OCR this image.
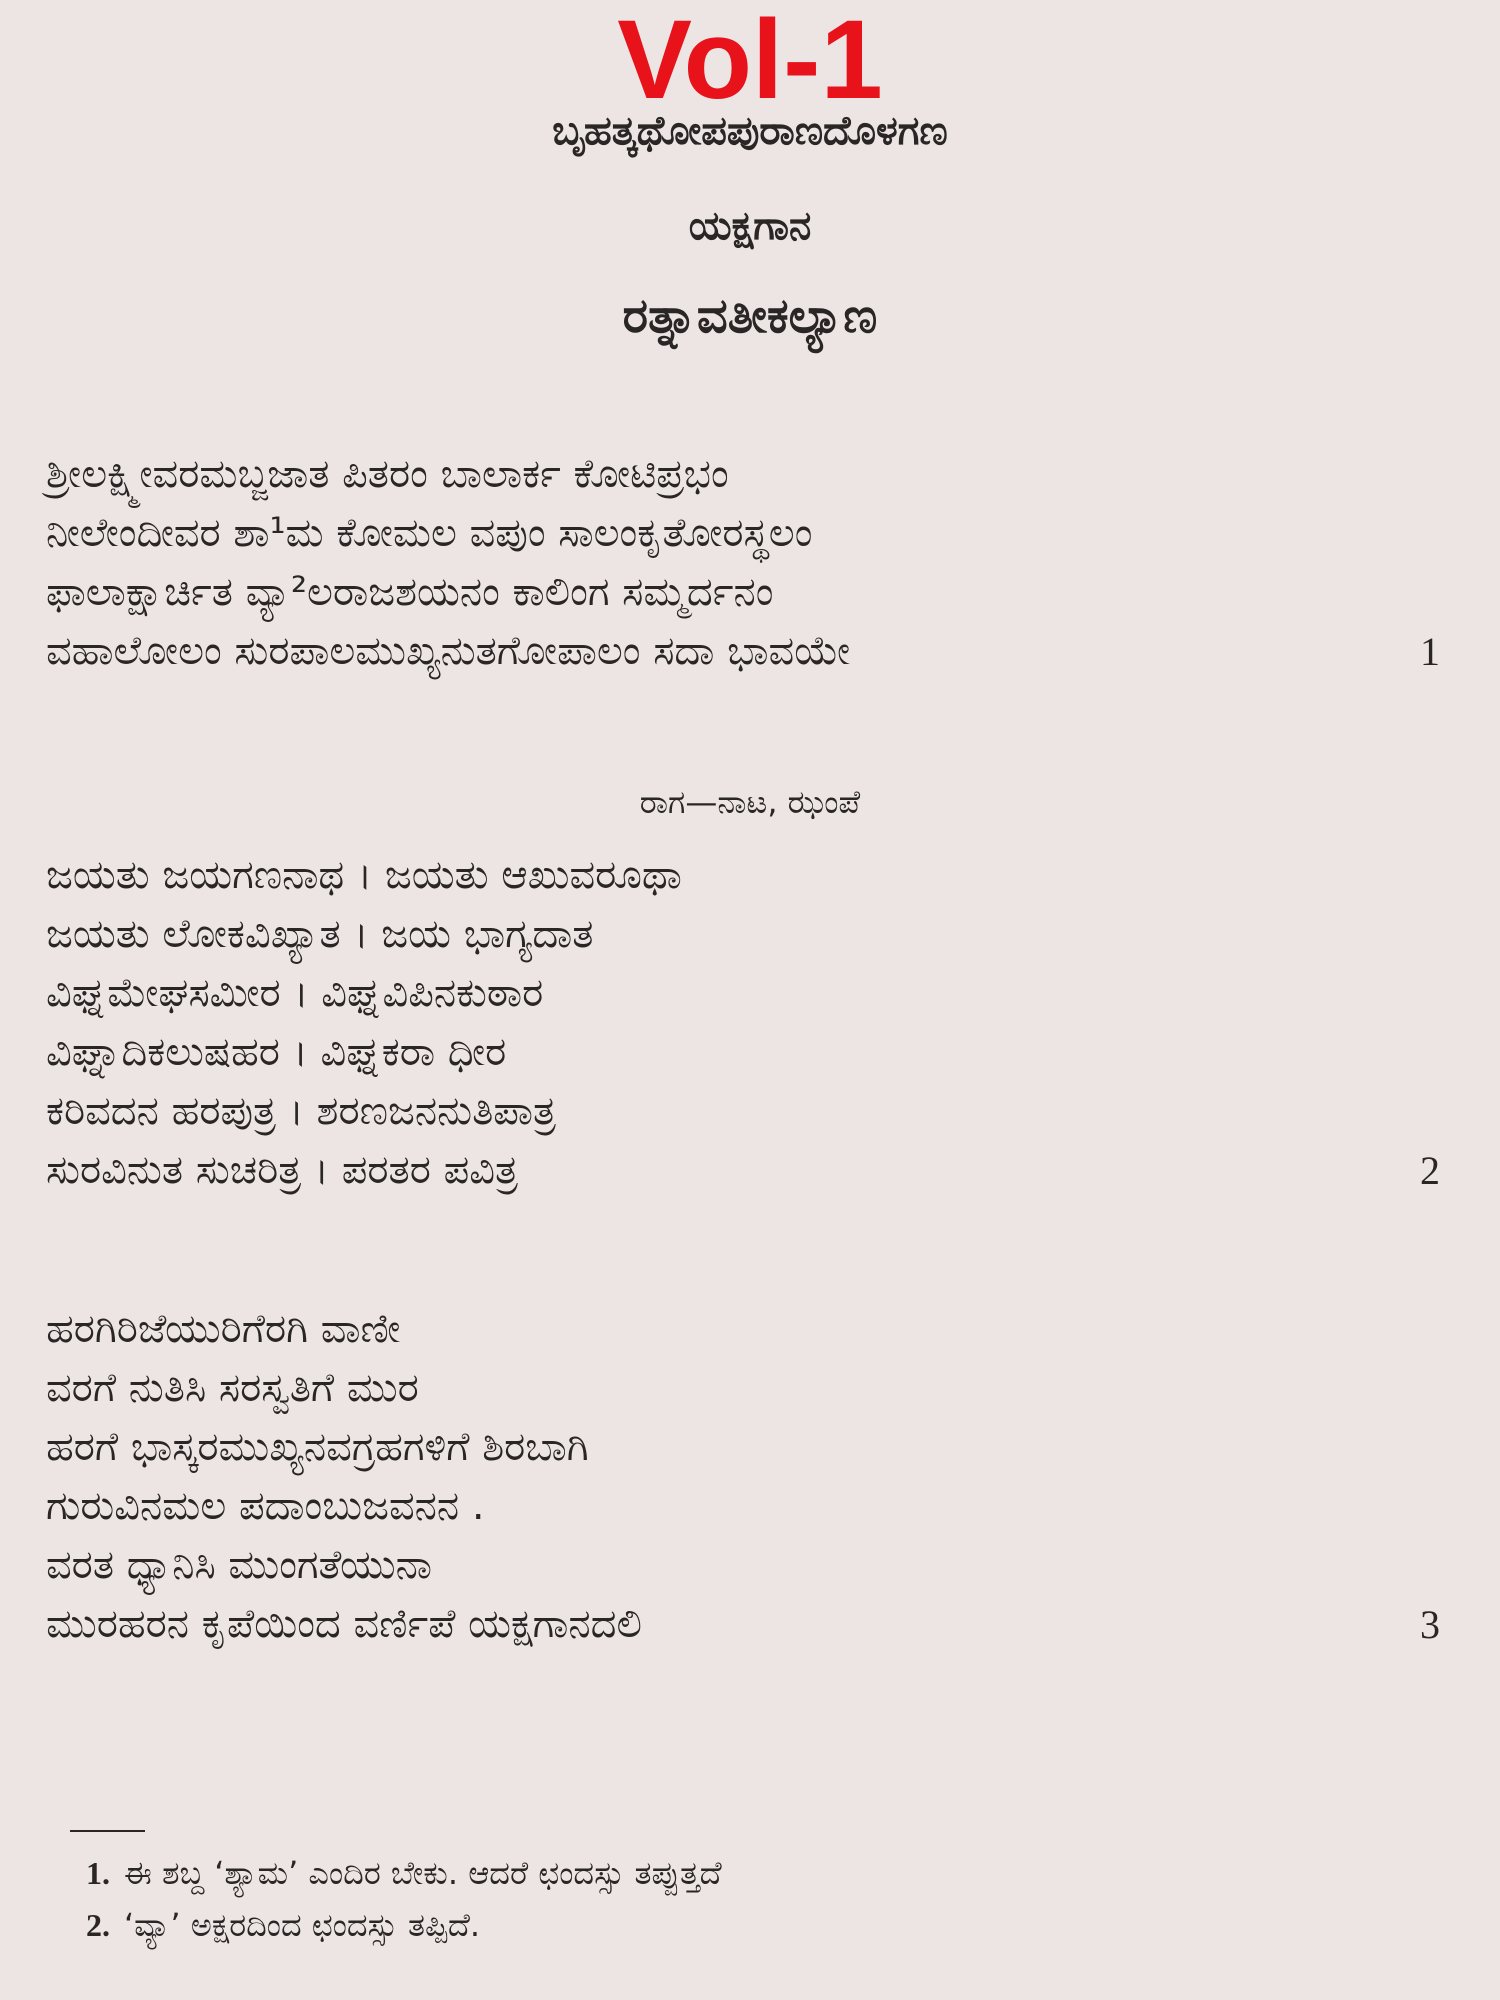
Vol-1
ಬೃಹತ್ಕಥೋಪಪುರಾಣದೊಳಗಣ
ಯಕ್ಷಗಾನ
ರತ್ನಾವತೀಕಲ್ಯಾಣ
ಶ್ರೀಲಕ್ಷ್ಮೀವರಮಬ್ಜಜಾತ ಪಿತರಂ ಬಾಲಾರ್ಕ ಕೋಟಿಪ್ರಭಂ
ನೀಲೇಂದೀವರ ಶಾ¹ಮ ಕೋಮಲ ವಪುಂ ಸಾಲಂಕೃತೋರಸ್ಥಲಂ
ಫಾಲಾಕ್ಷಾರ್ಚಿತ ವ್ಯಾ²ಲರಾಜಶಯನಂ ಕಾಲಿಂಗ ಸಮ್ಮರ್ದನಂ
ವಹಾಲೋಲಂ ಸುರಪಾಲಮುಖ್ಯನುತಗೋಪಾಲಂ ಸದಾ ಭಾವಯೇ	1
ರಾಗ—ನಾಟ, ಝಂಪೆ
ಜಯತು ಜಯಗಣನಾಥ । ಜಯತು ಆಖುವರೂಥಾ
ಜಯತು ಲೋಕವಿಖ್ಯಾತ । ಜಯ ಭಾಗ್ಯದಾತ
ವಿಘ್ನಮೇಘಸಮೀರ । ವಿಘ್ನವಿಪಿನಕುಠಾರ
ವಿಘ್ನಾದಿಕಲುಷಹರ । ವಿಘ್ನಕರಾ ಧೀರ
ಕರಿವದನ ಹರಪುತ್ರ । ಶರಣಜನನುತಿಪಾತ್ರ
ಸುರವಿನುತ ಸುಚರಿತ್ರ । ಪರತರ ಪವಿತ್ರ	2
ಹರಗಿರಿಜೆಯುರಿಗೆರಗಿ ವಾಣೀ
ವರಗೆ ನುತಿಸಿ ಸರಸ್ವತಿಗೆ ಮುರ
ಹರಗೆ ಭಾಸ್ಕರಮುಖ್ಯನವಗ್ರಹಗಳಿಗೆ ಶಿರಬಾಗಿ
ಗುರುವಿನಮಲ ಪದಾಂಬುಜವನನ .
ವರತ ಧ್ಯಾನಿಸಿ ಮುಂಗತೆಯುನಾ
ಮುರಹರನ ಕೃಪೆಯಿಂದ ವರ್ಣಿಪೆ ಯಕ್ಷಗಾನದಲಿ	3
1. ಈ ಶಬ್ದ ‘ಶ್ಯಾಮ’ ಎಂದಿರ ಬೇಕು. ಆದರೆ ಛಂದಸ್ಸು ತಪ್ಪುತ್ತದೆ
2. ‘ವ್ಯಾ’ ಅಕ್ಷರದಿಂದ ಛಂದಸ್ಸು ತಪ್ಪಿದೆ.
